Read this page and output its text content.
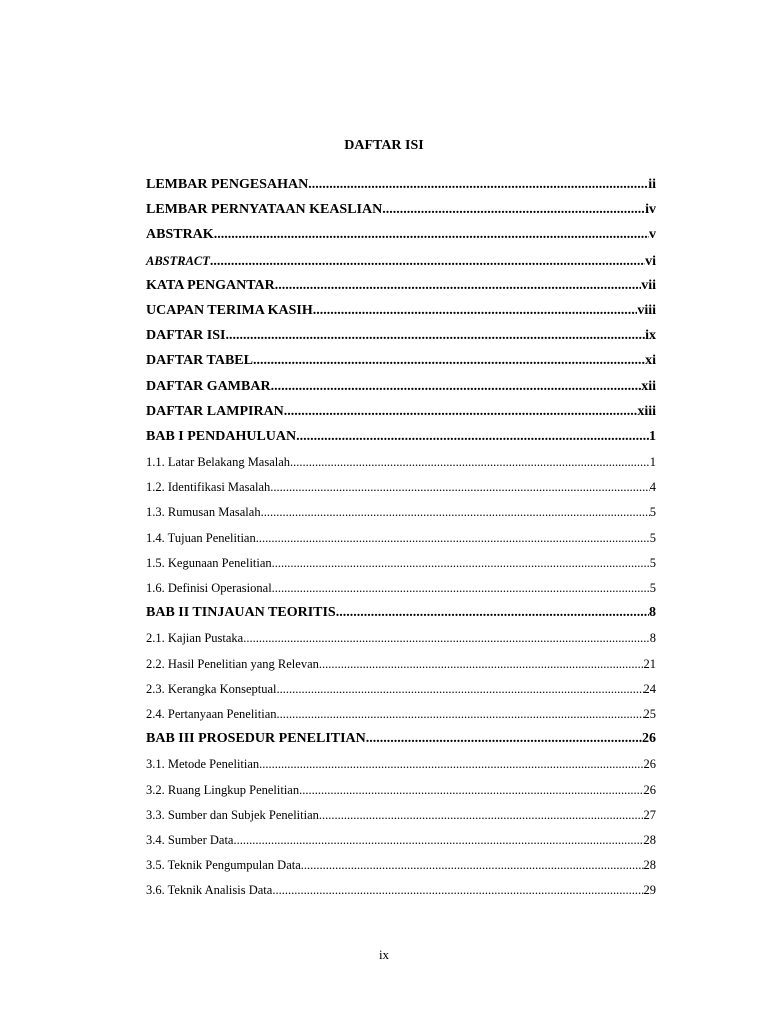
DAFTAR ISI
LEMBAR PENGESAHAN .....	ii
LEMBAR PERNYATAAN KEASLIAN .....	iv
ABSTRAK .....	v
ABSTRACT .....	vi
KATA PENGANTAR .....	vii
UCAPAN TERIMA KASIH .....	viii
DAFTAR ISI .....	ix
DAFTAR TABEL .....	xi
DAFTAR GAMBAR .....	xii
DAFTAR LAMPIRAN .....	xiii
BAB I PENDAHULUAN .....	1
1.1. Latar Belakang Masalah .....	1
1.2. Identifikasi Masalah .....	4
1.3. Rumusan Masalah .....	5
1.4. Tujuan Penelitian .....	5
1.5. Kegunaan Penelitian .....	5
1.6. Definisi Operasional .....	5
BAB II TINJAUAN TEORITIS .....	8
2.1. Kajian Pustaka .....	8
2.2. Hasil Penelitian yang Relevan .....	21
2.3. Kerangka Konseptual .....	24
2.4. Pertanyaan Penelitian .....	25
BAB III PROSEDUR PENELITIAN .....	26
3.1. Metode Penelitian .....	26
3.2. Ruang Lingkup Penelitian .....	26
3.3. Sumber dan Subjek Penelitian .....	27
3.4. Sumber Data .....	28
3.5. Teknik Pengumpulan Data .....	28
3.6. Teknik Analisis Data .....	29
ix
